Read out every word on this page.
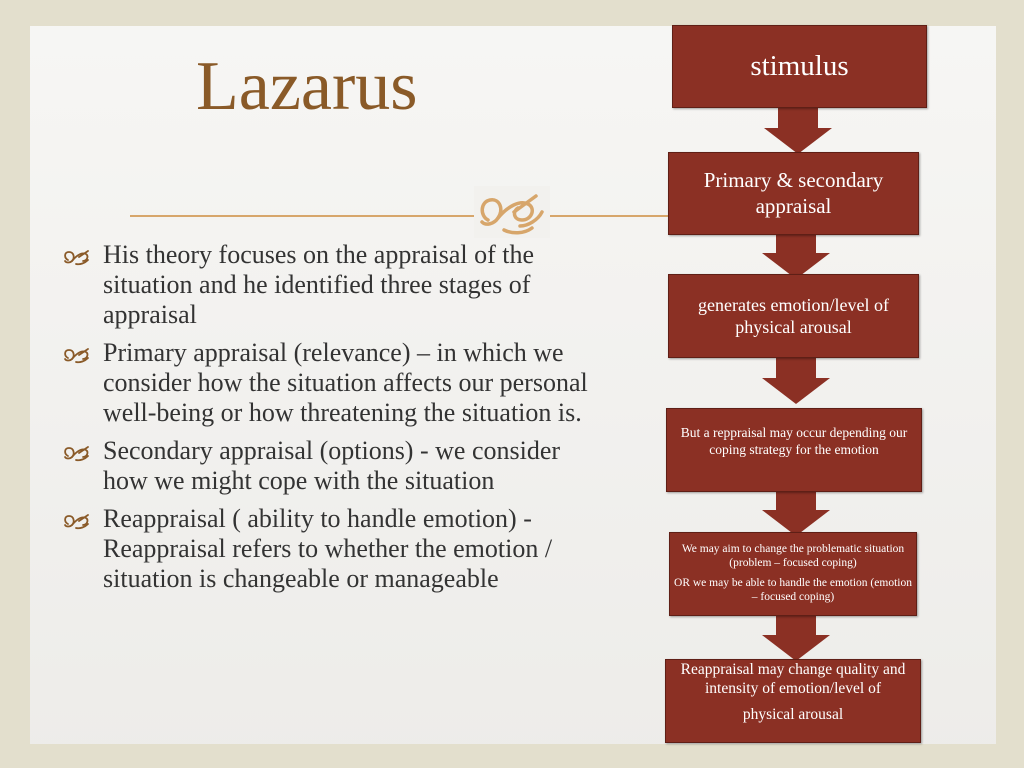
Lazarus
His theory focuses on the appraisal of the situation and he identified three stages of appraisal
Primary appraisal (relevance) – in which we consider how the situation affects our personal well-being or how threatening the situation is.
Secondary appraisal (options) - we consider how we might cope with the situation
Reappraisal ( ability to handle emotion) - Reappraisal refers to whether the emotion / situation is changeable or manageable

stimulus

Primary & secondary appraisal

generates emotion/level of physical arousal

But a reppraisal may occur depending our coping strategy for the emotion

We may aim to change the problematic situation (problem – focused coping)

OR we may be able to handle the emotion (emotion – focused coping)

Reappraisal may change quality and intensity of emotion/level of

physical arousal
